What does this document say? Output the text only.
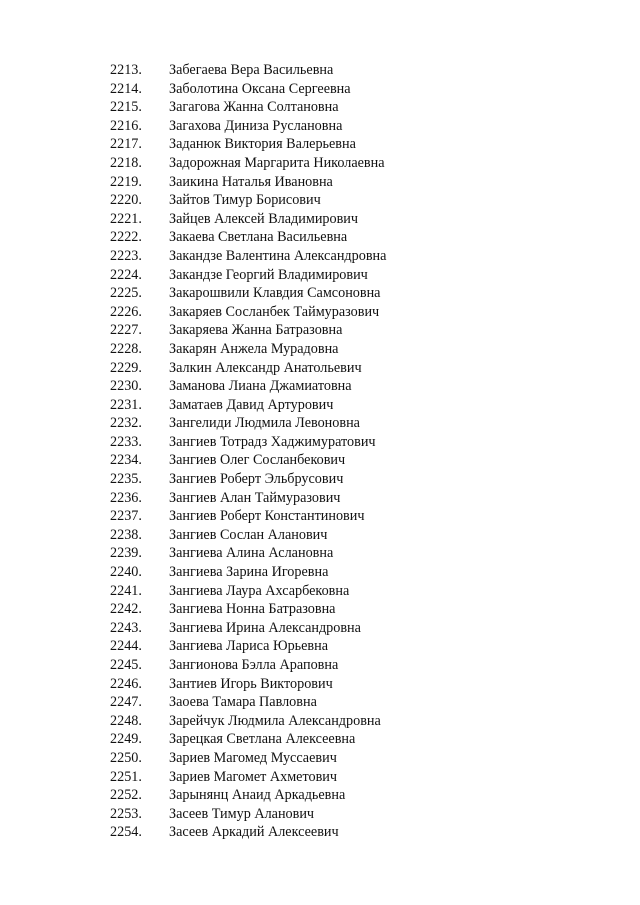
2213.	Забегаева Вера Васильевна
2214.	Заболотина Оксана Сергеевна
2215.	Загагова Жанна Солтановна
2216.	Загахова Диниза Руслановна
2217.	Заданюк Виктория Валерьевна
2218.	Задорожная Маргарита Николаевна
2219.	Заикина Наталья Ивановна
2220.	Зайтов Тимур Борисович
2221.	Зайцев Алексей Владимирович
2222.	Закаева Светлана Васильевна
2223.	Закандзе Валентина Александровна
2224.	Закандзе Георгий Владимирович
2225.	Закарошвили Клавдия Самсоновна
2226.	Закаряев Сосланбек Таймуразович
2227.	Закаряева Жанна Батразовна
2228.	Закарян Анжела Мурадовна
2229.	Залкин Александр Анатольевич
2230.	Заманова Лиана Джамиатовна
2231.	Заматаев Давид Артурович
2232.	Зангелиди Людмила Левоновна
2233.	Зангиев Тотрадз Хаджимуратович
2234.	Зангиев Олег Сосланбекович
2235.	Зангиев Роберт Эльбрусович
2236.	Зангиев Алан Таймуразович
2237.	Зангиев Роберт Константинович
2238.	Зангиев Сослан Аланович
2239.	Зангиева Алина Аслановна
2240.	Зангиева Зарина Игоревна
2241.	Зангиева Лаура Ахсарбековна
2242.	Зангиева Нонна Батразовна
2243.	Зангиева Ирина Александровна
2244.	Зангиева Лариса Юрьевна
2245.	Зангионова Бэлла Араповна
2246.	Зантиев Игорь Викторович
2247.	Заоева Тамара Павловна
2248.	Зарейчук Людмила Александровна
2249.	Зарецкая Светлана Алексеевна
2250.	Зариев Магомед Муссаевич
2251.	Зариев Магомет Ахметович
2252.	Зарынянц Анаид Аркадьевна
2253.	Засеев Тимур Аланович
2254.	Засеев Аркадий Алексеевич
